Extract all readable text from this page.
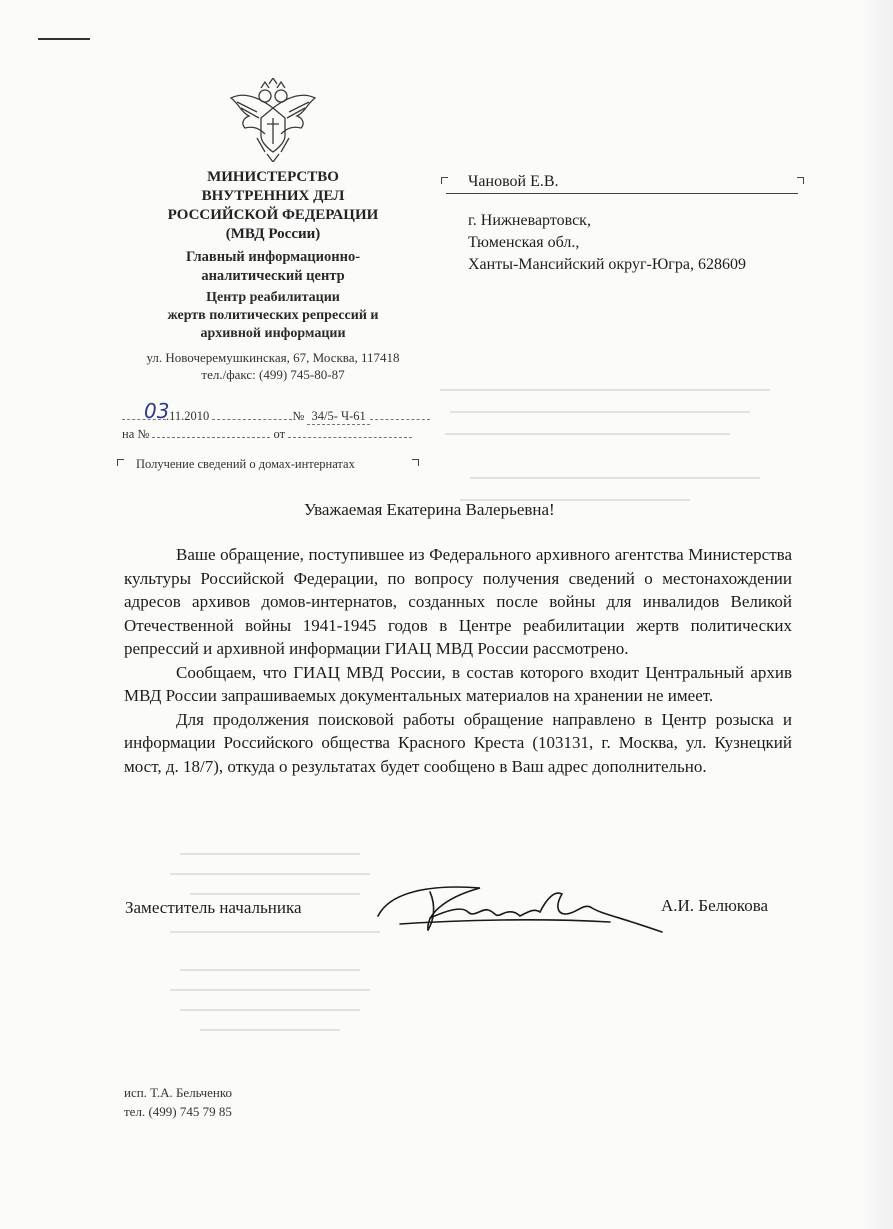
МИНИСТЕРСТВО
ВНУТРЕННИХ ДЕЛ
РОССИЙСКОЙ ФЕДЕРАЦИИ
(МВД России)
Главный информационно-
аналитический центр
Центр реабилитации
жертв политических репрессий и
архивной информации
ул. Новочеремушкинская, 67, Москва, 117418
тел./факс: (499) 745-80-87
03
.11.2010	№ 34/5- Ч-61
на №	от
Получение сведений о домах-интернатах
Чановой Е.В.
г. Нижневартовск,
Тюменская обл.,
Ханты-Мансийский округ-Югра, 628609
Уважаемая Екатерина Валерьевна!

Ваше обращение, поступившее из Федерального архивного агентства Министерства культуры Российской Федерации, по вопросу получения сведений о местонахождении адресов архивов домов-интернатов, созданных после войны для инвалидов Великой Отечественной войны 1941-1945 годов в Центре реабилитации жертв политических репрессий и архивной информации ГИАЦ МВД России рассмотрено.

Сообщаем, что ГИАЦ МВД России, в состав которого входит Центральный архив МВД России запрашиваемых документальных материалов на хранении не имеет.

Для продолжения поисковой работы обращение направлено в Центр розыска и информации Российского общества Красного Креста (103131, г. Москва, ул. Кузнецкий мост, д. 18/7), откуда о результатах будет сообщено в Ваш адрес дополнительно.

Заместитель начальника	А.И. Белюкова
исп. Т.А. Бельченко
тел. (499) 745 79 85
